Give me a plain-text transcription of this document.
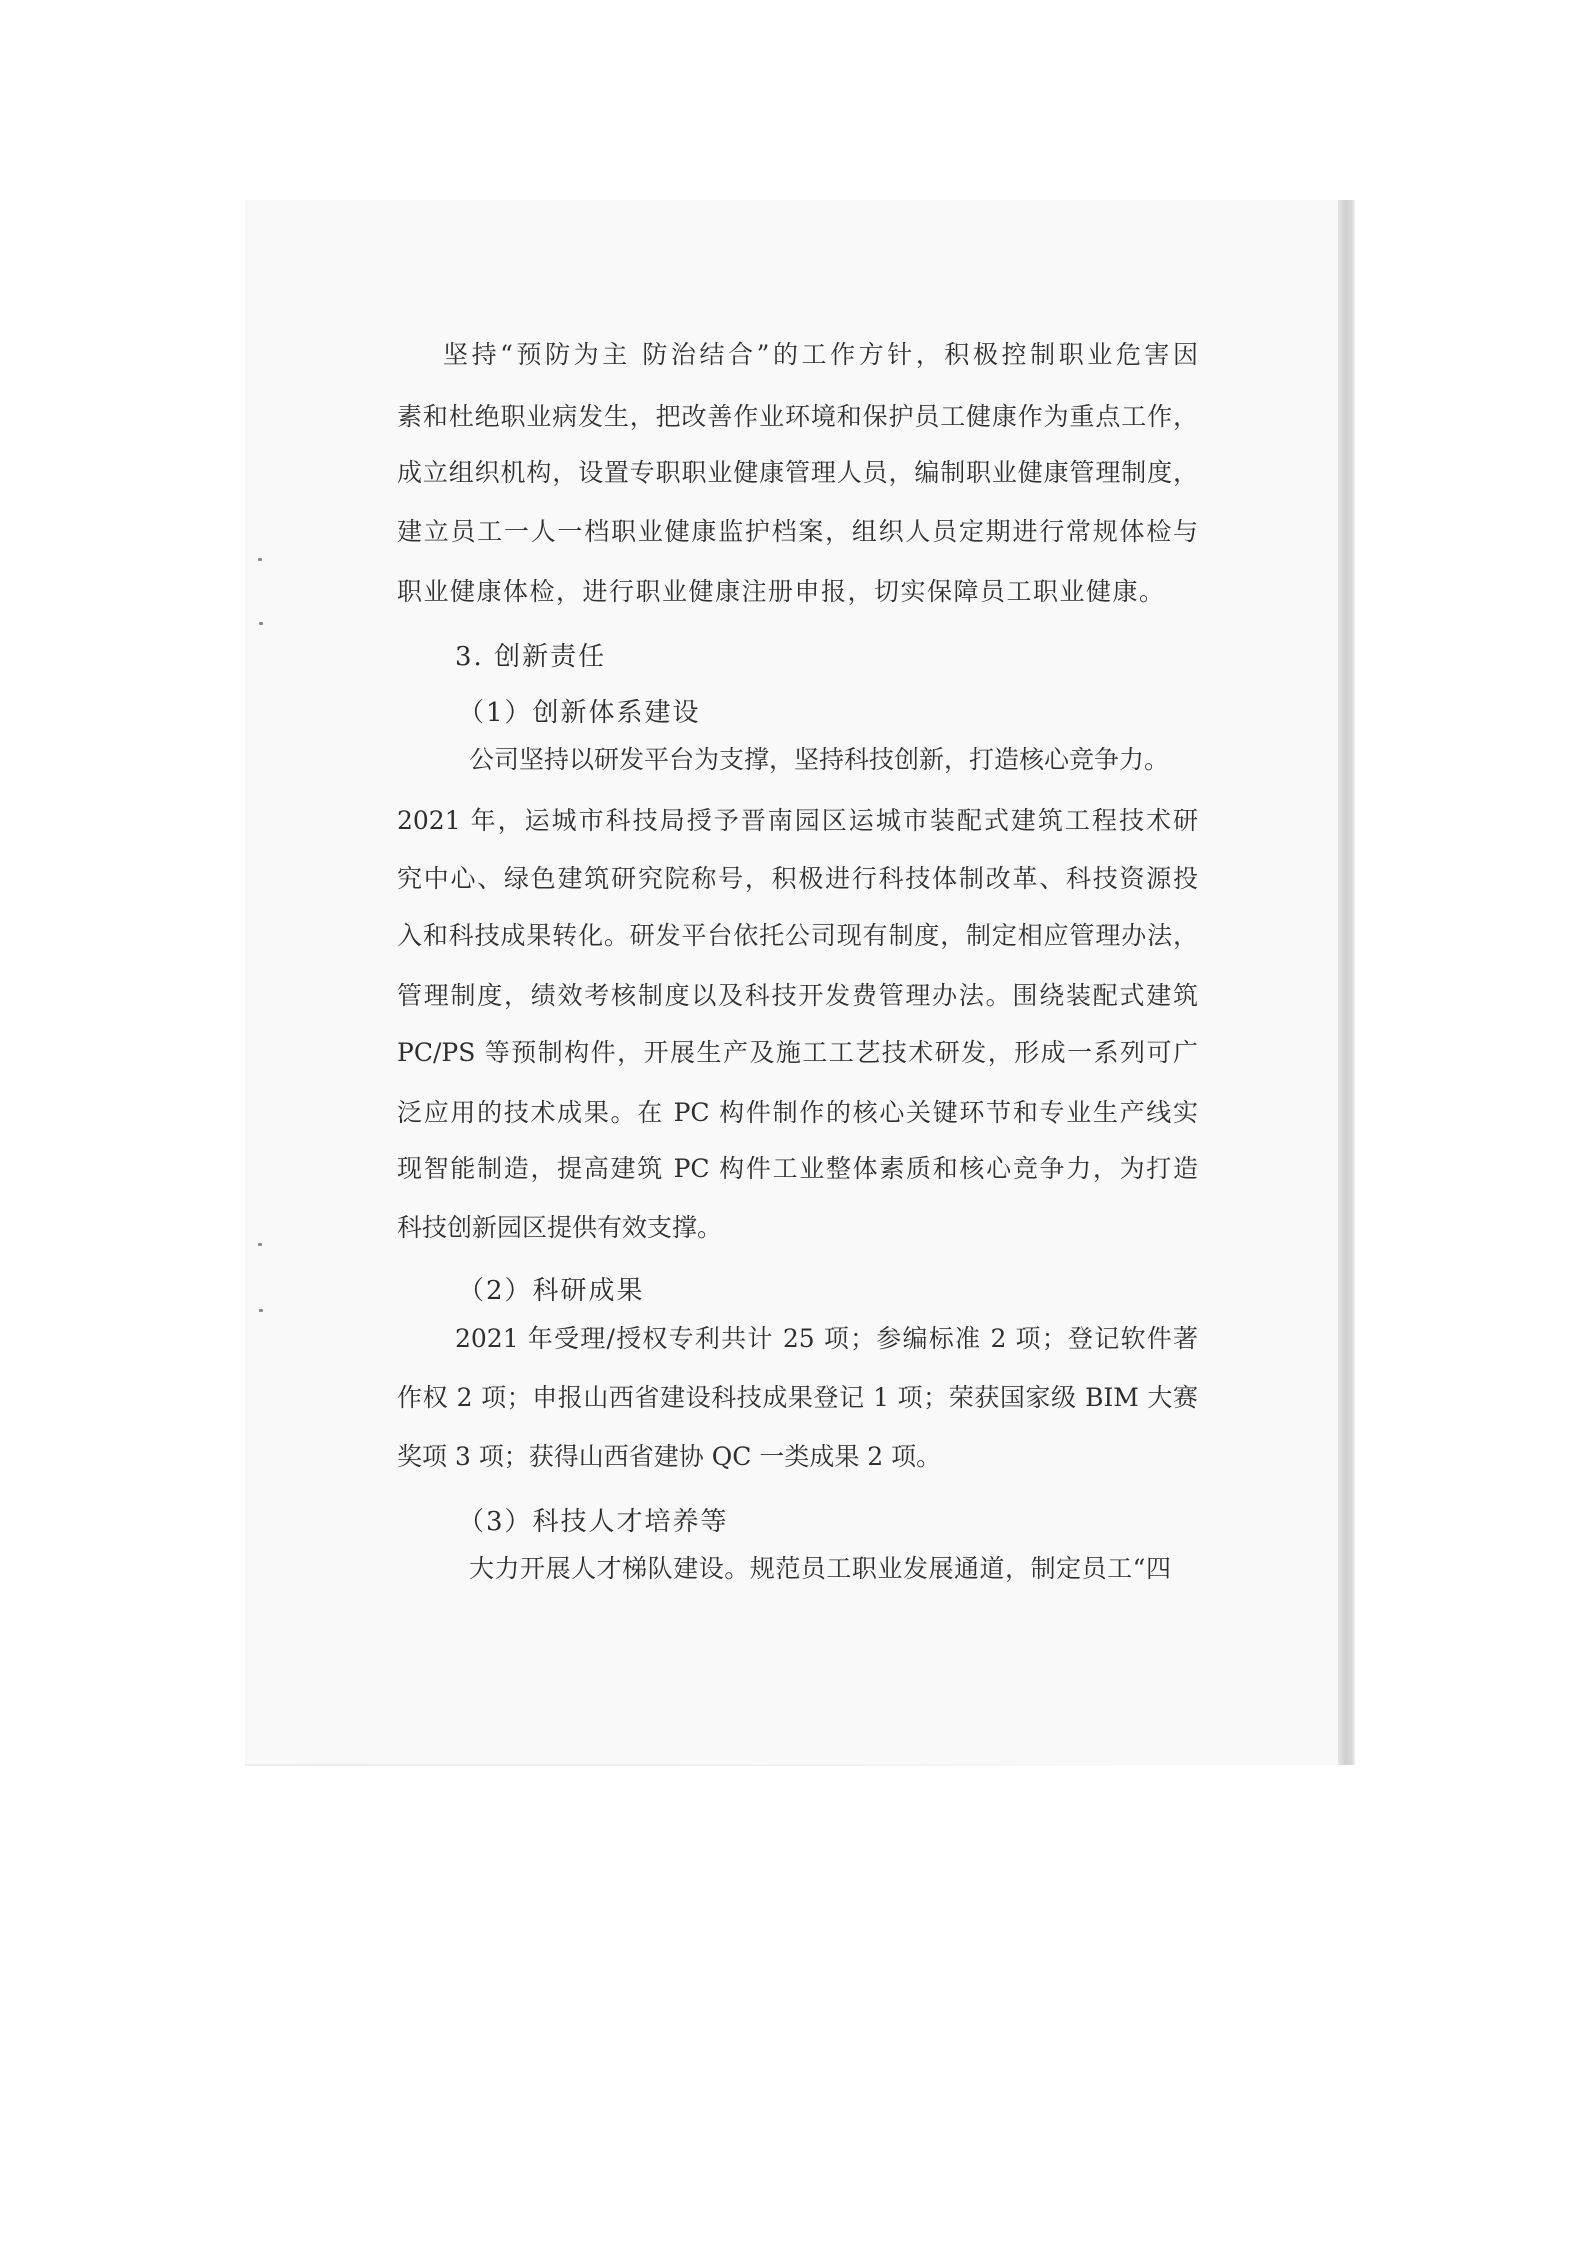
坚持“预防为主 防治结合”的工作方针，积极控制职业危害因
素和杜绝职业病发生，把改善作业环境和保护员工健康作为重点工作，
成立组织机构，设置专职职业健康管理人员，编制职业健康管理制度，
建立员工一人一档职业健康监护档案，组织人员定期进行常规体检与
职业健康体检，进行职业健康注册申报，切实保障员工职业健康。
3. 创新责任
（1）创新体系建设
公司坚持以研发平台为支撑，坚持科技创新，打造核心竞争力。
2021 年，运城市科技局授予晋南园区运城市装配式建筑工程技术研
究中心、绿色建筑研究院称号，积极进行科技体制改革、科技资源投
入和科技成果转化。研发平台依托公司现有制度，制定相应管理办法，
管理制度，绩效考核制度以及科技开发费管理办法。围绕装配式建筑
PC/PS 等预制构件，开展生产及施工工艺技术研发，形成一系列可广
泛应用的技术成果。在 PC 构件制作的核心关键环节和专业生产线实
现智能制造，提高建筑 PC 构件工业整体素质和核心竞争力，为打造
科技创新园区提供有效支撑。
（2）科研成果
2021 年受理/授权专利共计 25 项；参编标准 2 项；登记软件著
作权 2 项；申报山西省建设科技成果登记 1 项；荣获国家级 BIM 大赛
奖项 3 项；获得山西省建协 QC 一类成果 2 项。
（3）科技人才培养等
大力开展人才梯队建设。规范员工职业发展通道，制定员工“四
